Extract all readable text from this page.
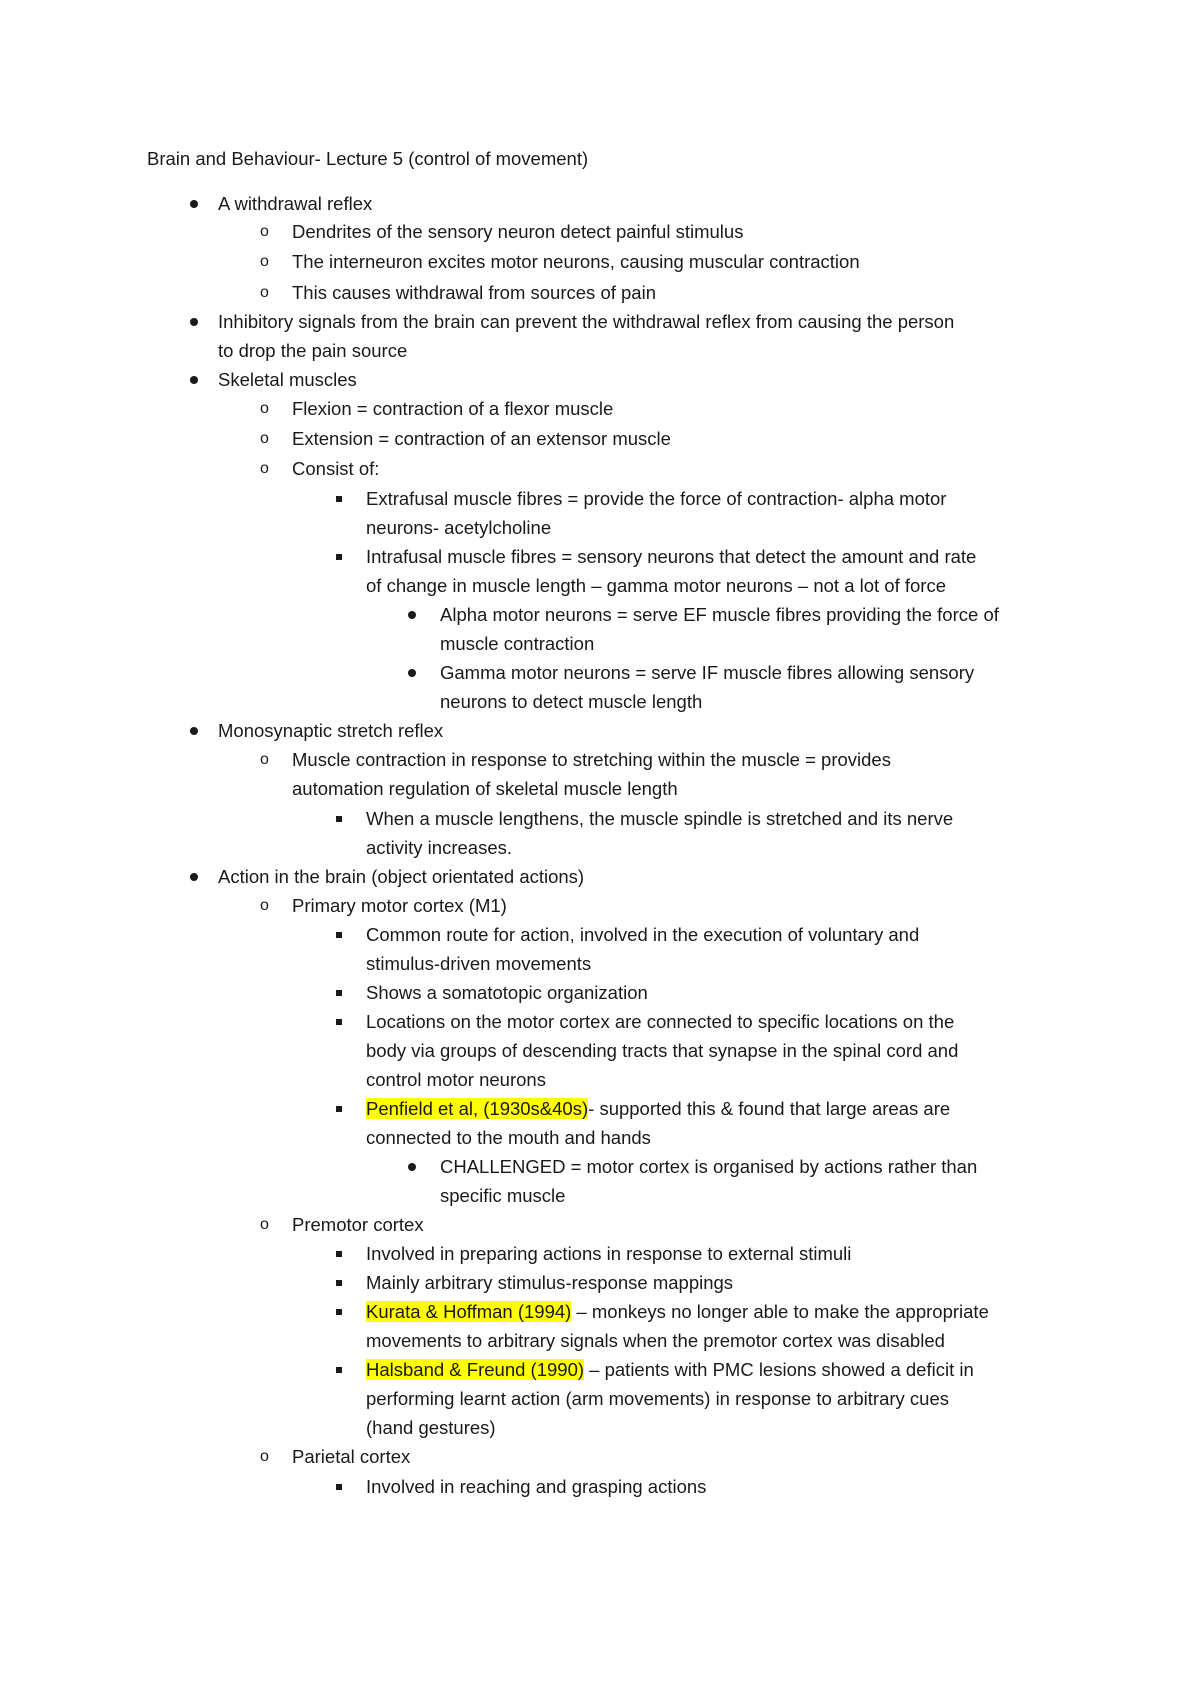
Brain and Behaviour- Lecture 5 (control of movement)
A withdrawal reflex
o Dendrites of the sensory neuron detect painful stimulus
o The interneuron excites motor neurons, causing muscular contraction
o This causes withdrawal from sources of pain
Inhibitory signals from the brain can prevent the withdrawal reflex from causing the person
to drop the pain source
Skeletal muscles
o Flexion = contraction of a flexor muscle
o Extension = contraction of an extensor muscle
o Consist of:
Extrafusal muscle fibres = provide the force of contraction- alpha motor
neurons- acetylcholine
Intrafusal muscle fibres = sensory neurons that detect the amount and rate
of change in muscle length – gamma motor neurons – not a lot of force
Alpha motor neurons = serve EF muscle fibres providing the force of
muscle contraction
Gamma motor neurons = serve IF muscle fibres allowing sensory
neurons to detect muscle length
Monosynaptic stretch reflex
o Muscle contraction in response to stretching within the muscle = provides
automation regulation of skeletal muscle length
When a muscle lengthens, the muscle spindle is stretched and its nerve
activity increases.
Action in the brain (object orientated actions)
o Primary motor cortex (M1)
Common route for action, involved in the execution of voluntary and
stimulus-driven movements
Shows a somatotopic organization
Locations on the motor cortex are connected to specific locations on the
body via groups of descending tracts that synapse in the spinal cord and
control motor neurons
Penfield et al, (1930s&40s)- supported this & found that large areas are
connected to the mouth and hands
CHALLENGED = motor cortex is organised by actions rather than
specific muscle
o Premotor cortex
Involved in preparing actions in response to external stimuli
Mainly arbitrary stimulus-response mappings
Kurata & Hoffman (1994) – monkeys no longer able to make the appropriate
movements to arbitrary signals when the premotor cortex was disabled
Halsband & Freund (1990) – patients with PMC lesions showed a deficit in
performing learnt action (arm movements) in response to arbitrary cues
(hand gestures)
o Parietal cortex
Involved in reaching and grasping actions
